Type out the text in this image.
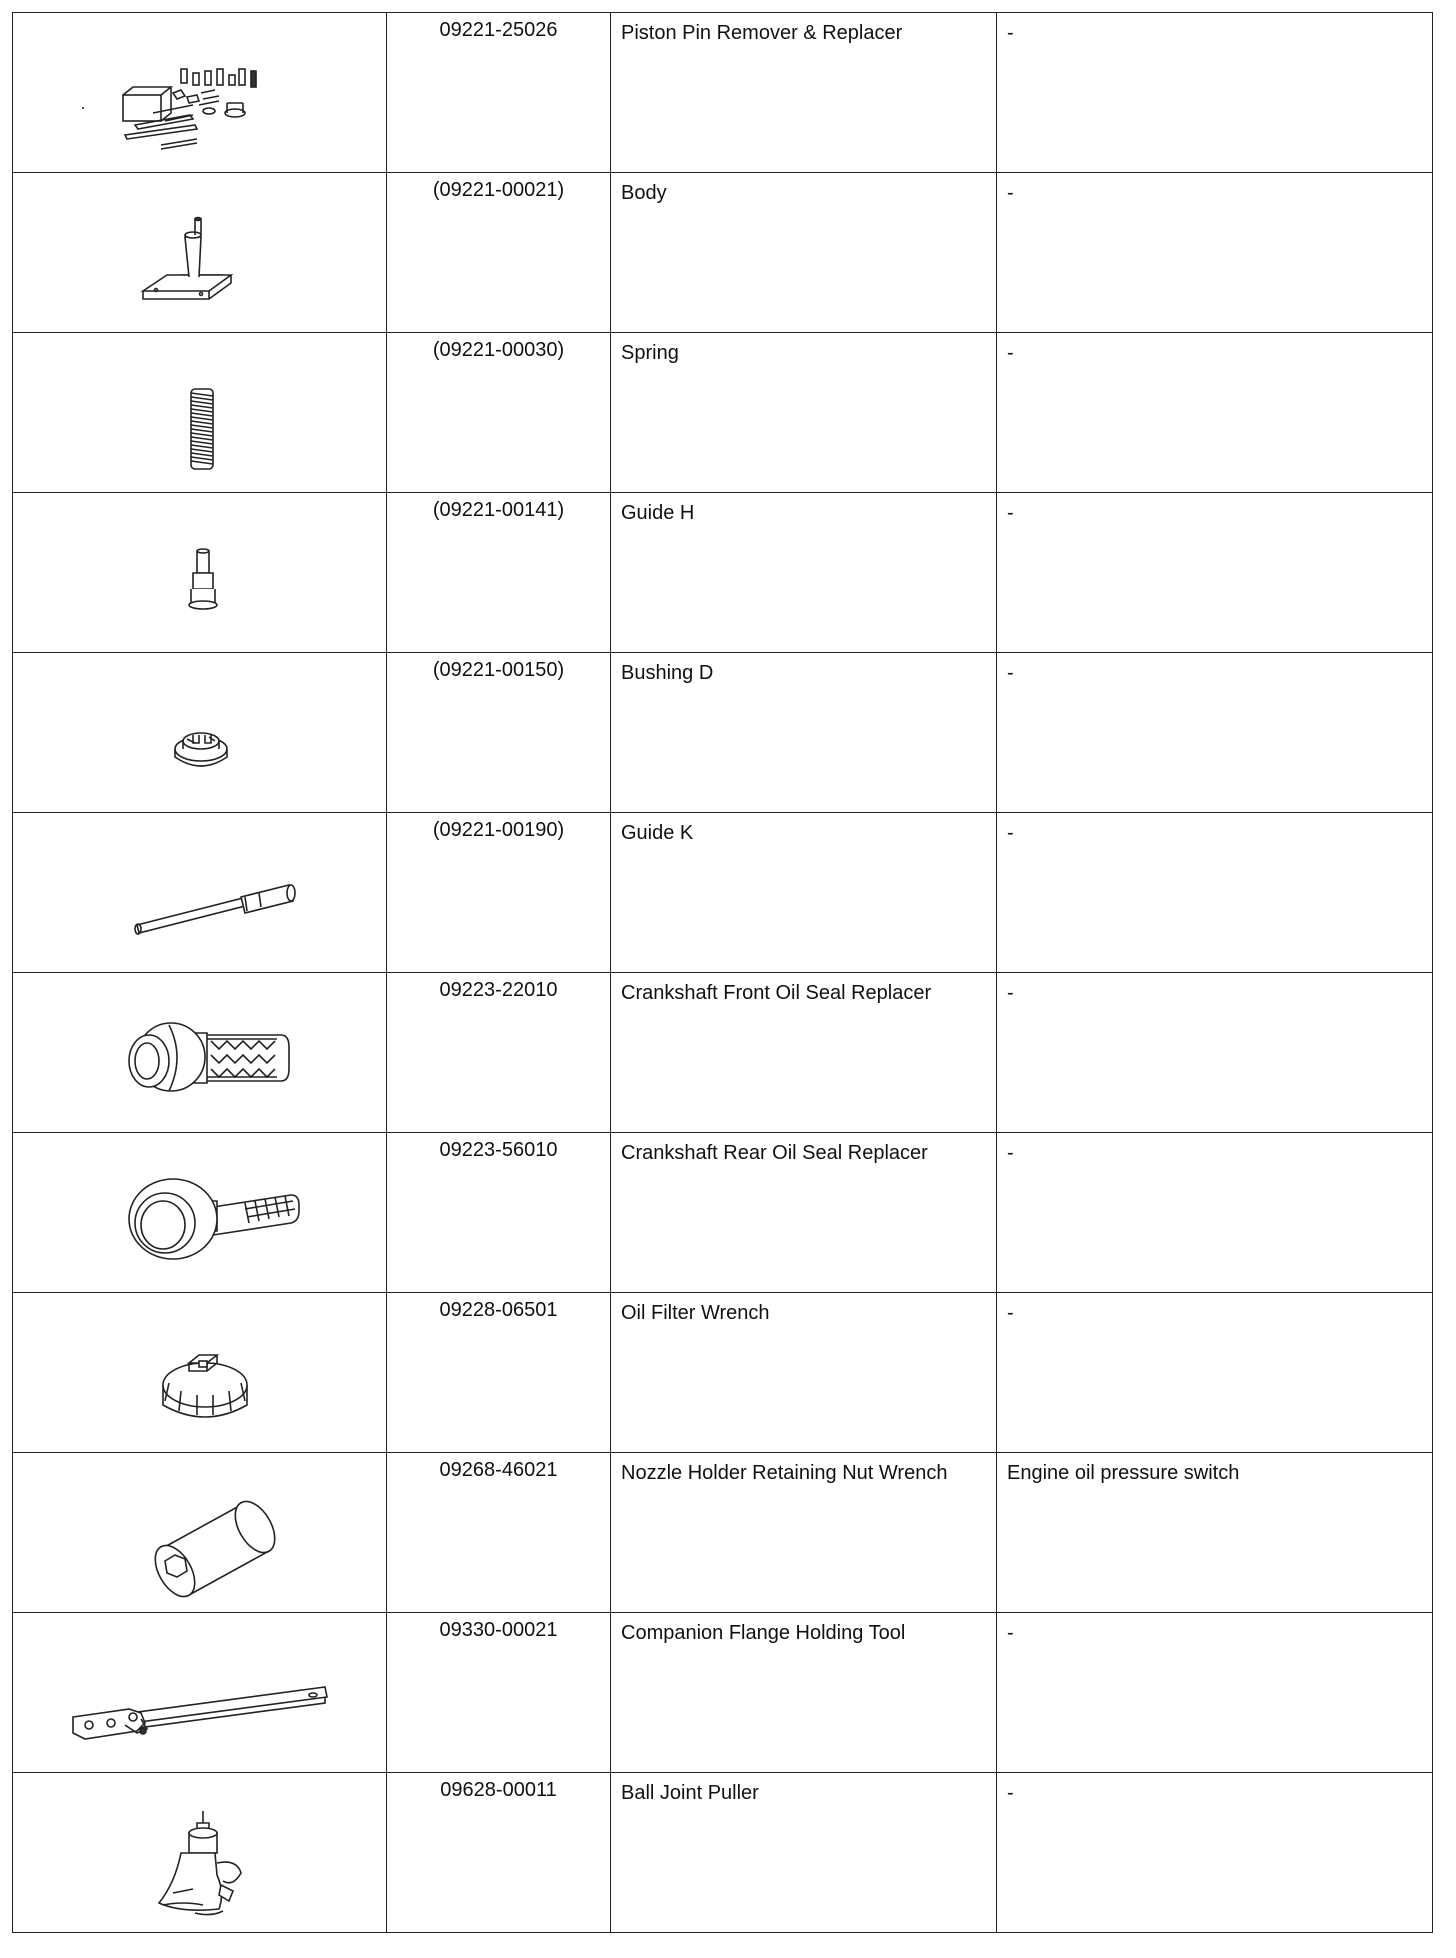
	09221-25026	Piston Pin Remover & Replacer	-

	(09221-00021)	Body	-

	(09221-00030)	Spring	-

	(09221-00141)	Guide H	-

	(09221-00150)	Bushing D	-

	(09221-00190)	Guide K	-

	09223-22010	Crankshaft Front Oil Seal Replacer	-

	09223-56010	Crankshaft Rear Oil Seal Replacer	-

	09228-06501	Oil Filter Wrench	-

	09268-46021	Nozzle Holder Retaining Nut Wrench	Engine oil pressure switch

	09330-00021	Companion Flange Holding Tool	-

	09628-00011	Ball Joint Puller	-
